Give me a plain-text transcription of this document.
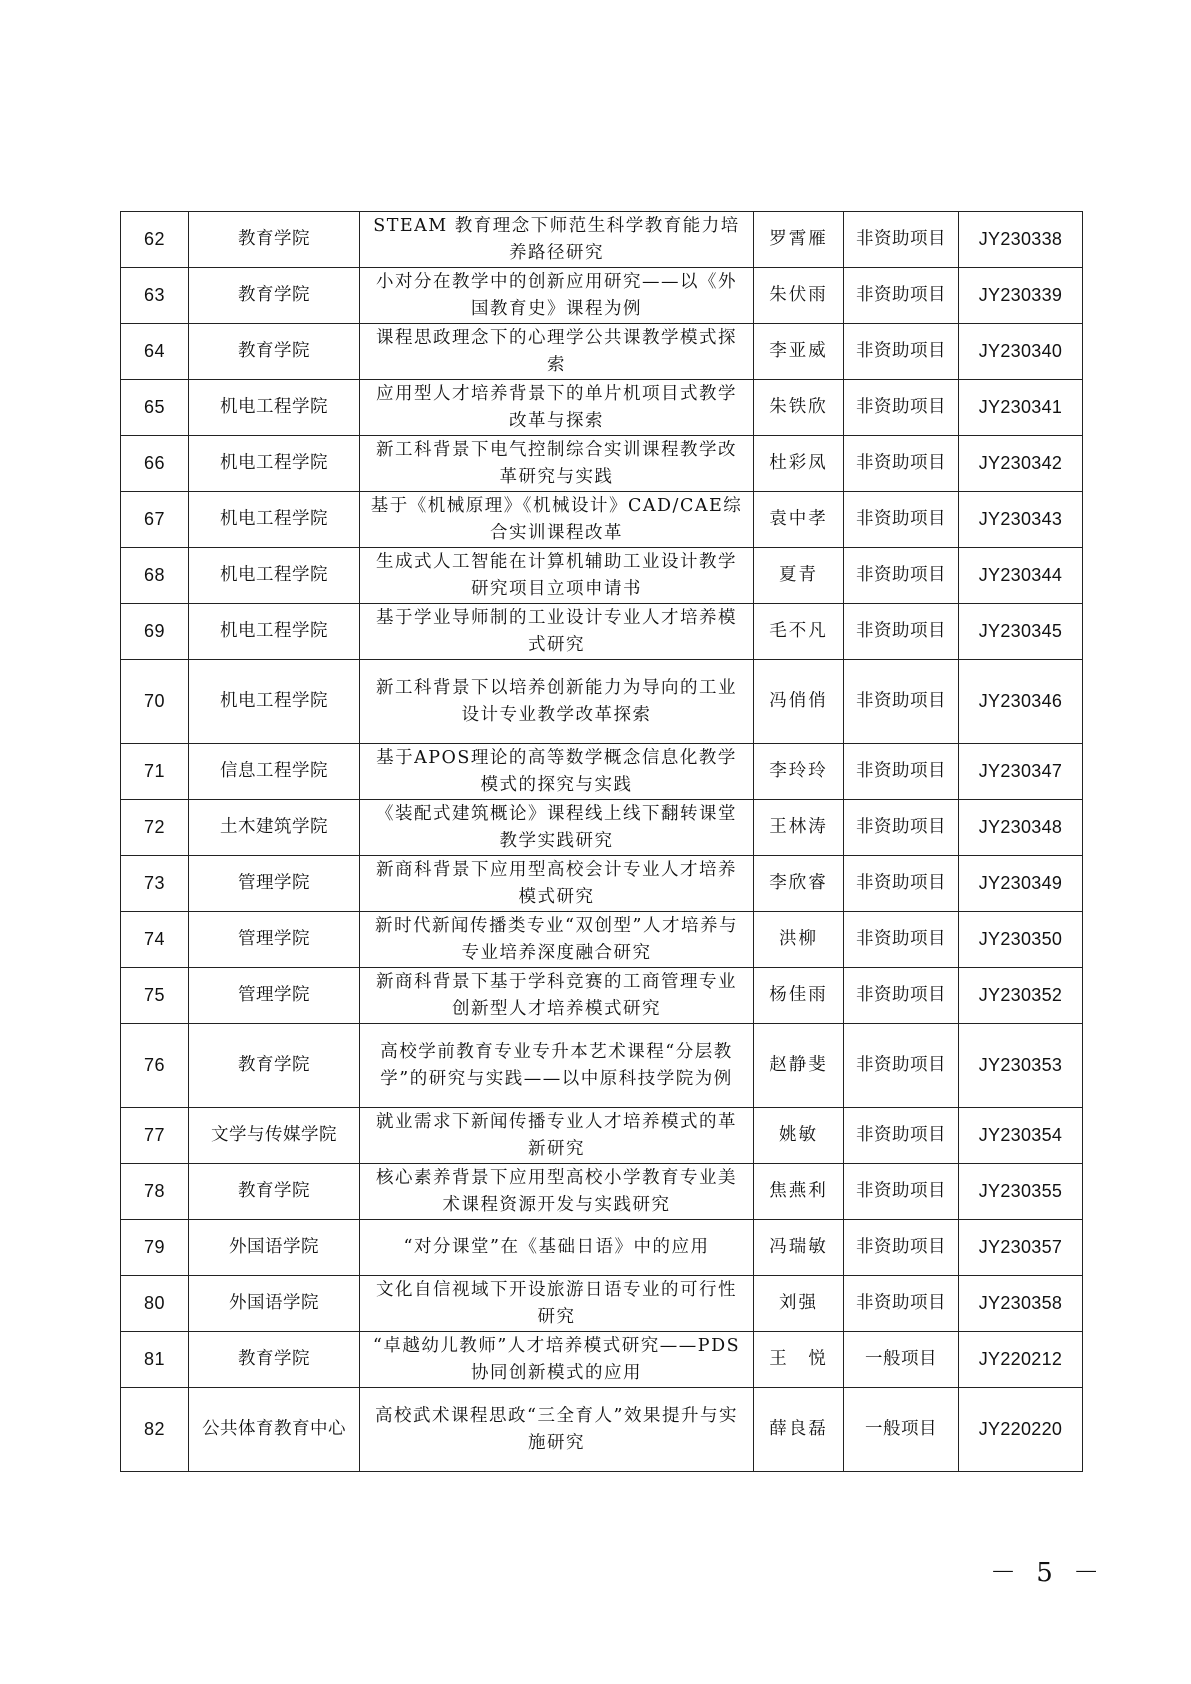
62	教育学院	STEAM 教育理念下师范生科学教育能力培养路径研究	罗霄雁	非资助项目	JY230338
63	教育学院	小对分在教学中的创新应用研究——以《外国教育史》课程为例	朱伏雨	非资助项目	JY230339
64	教育学院	课程思政理念下的心理学公共课教学模式探索	李亚威	非资助项目	JY230340
65	机电工程学院	应用型人才培养背景下的单片机项目式教学改革与探索	朱铁欣	非资助项目	JY230341
66	机电工程学院	新工科背景下电气控制综合实训课程教学改革研究与实践	杜彩凤	非资助项目	JY230342
67	机电工程学院	基于《机械原理》《机械设计》CAD/CAE综合实训课程改革	袁中孝	非资助项目	JY230343
68	机电工程学院	生成式人工智能在计算机辅助工业设计教学研究项目立项申请书	夏青	非资助项目	JY230344
69	机电工程学院	基于学业导师制的工业设计专业人才培养模式研究	毛不凡	非资助项目	JY230345
70	机电工程学院	新工科背景下以培养创新能力为导向的工业设计专业教学改革探索	冯俏俏	非资助项目	JY230346
71	信息工程学院	基于APOS理论的高等数学概念信息化教学模式的探究与实践	李玲玲	非资助项目	JY230347
72	土木建筑学院	《装配式建筑概论》课程线上线下翻转课堂教学实践研究	王林涛	非资助项目	JY230348
73	管理学院	新商科背景下应用型高校会计专业人才培养模式研究	李欣睿	非资助项目	JY230349
74	管理学院	新时代新闻传播类专业“双创型”人才培养与专业培养深度融合研究	洪柳	非资助项目	JY230350
75	管理学院	新商科背景下基于学科竞赛的工商管理专业创新型人才培养模式研究	杨佳雨	非资助项目	JY230352
76	教育学院	高校学前教育专业专升本艺术课程“分层教学”的研究与实践——以中原科技学院为例	赵静斐	非资助项目	JY230353
77	文学与传媒学院	就业需求下新闻传播专业人才培养模式的革新研究	姚敏	非资助项目	JY230354
78	教育学院	核心素养背景下应用型高校小学教育专业美术课程资源开发与实践研究	焦燕利	非资助项目	JY230355
79	外国语学院	“对分课堂”在《基础日语》中的应用	冯瑞敏	非资助项目	JY230357
80	外国语学院	文化自信视域下开设旅游日语专业的可行性研究	刘强	非资助项目	JY230358
81	教育学院	“卓越幼儿教师”人才培养模式研究——PDS 协同创新模式的应用	王　悦	一般项目	JY220212
82	公共体育教育中心	高校武术课程思政“三全育人”效果提升与实施研究	薛良磊	一般项目	JY220220
－ 5 －
